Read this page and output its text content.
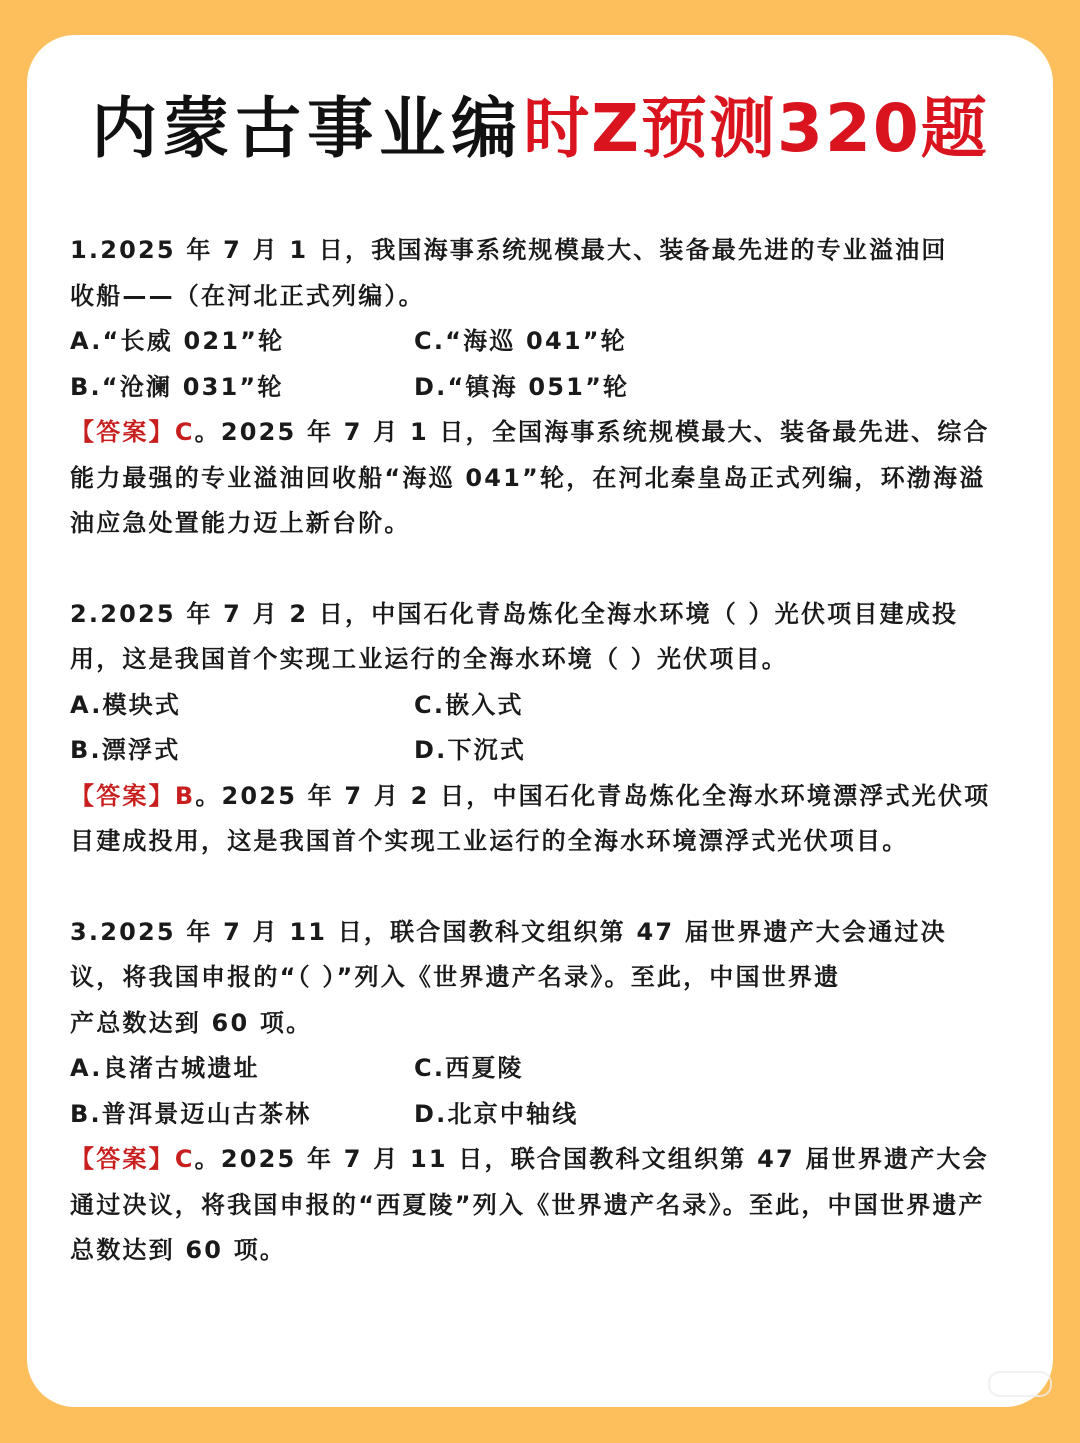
内蒙古事业编时Z预测320题
1.2025 年 7 月 1 日，我国海事系统规模最大、装备最先进的专业溢油回
收船——（在河北正式列编）。
A.“长威 021”轮	C.“海巡 041”轮
B.“沧澜 031”轮	D.“镇海 051”轮
【答案】C。2025 年 7 月 1 日，全国海事系统规模最大、装备最先进、综合能力最强的专业溢油回收船“海巡 041”轮，在河北秦皇岛正式列编，环渤海溢油应急处置能力迈上新台阶。
2.2025 年 7 月 2 日，中国石化青岛炼化全海水环境（ ）光伏项目建成投
用，这是我国首个实现工业运行的全海水环境（ ）光伏项目。
A.模块式	C.嵌入式
B.漂浮式	D.下沉式
【答案】B。2025 年 7 月 2 日，中国石化青岛炼化全海水环境漂浮式光伏项目建成投用，这是我国首个实现工业运行的全海水环境漂浮式光伏项目。
3.2025 年 7 月 11 日，联合国教科文组织第 47 届世界遗产大会通过决
议，将我国申报的“（ ）”列入《世界遗产名录》。至此，中国世界遗
产总数达到 60 项。
A.良渚古城遗址	C.西夏陵
B.普洱景迈山古茶林	D.北京中轴线
【答案】C。2025 年 7 月 11 日，联合国教科文组织第 47 届世界遗产大会通过决议，将我国申报的“西夏陵”列入《世界遗产名录》。至此，中国世界遗产总数达到 60 项。
